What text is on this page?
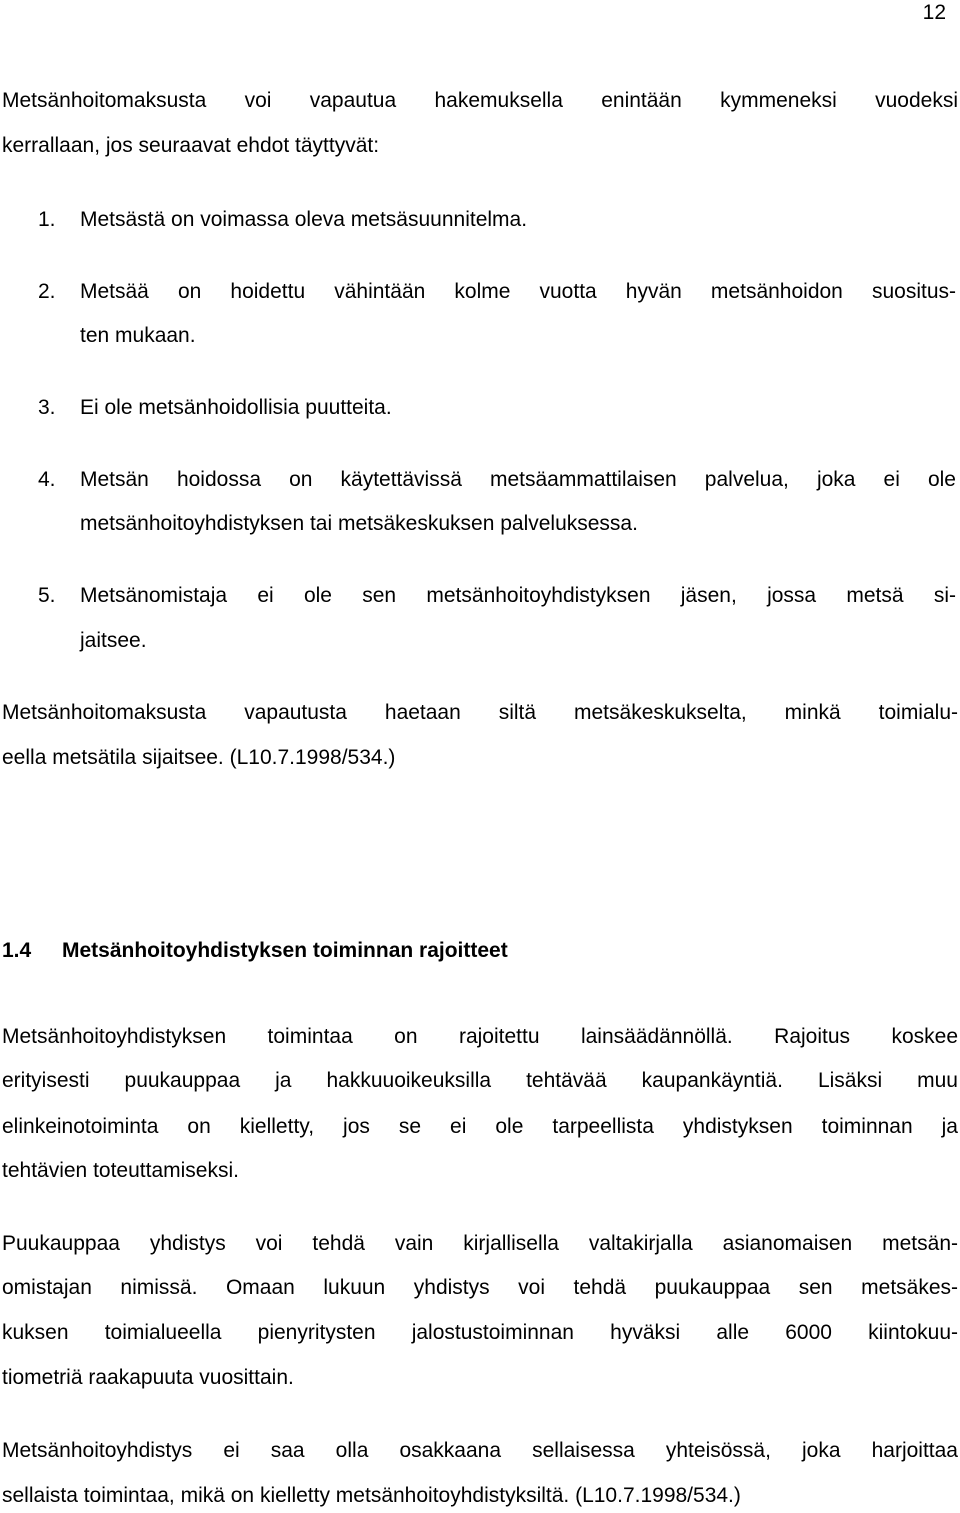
12
Metsänhoitomaksusta voi vapautua hakemuksella enintään kymmeneksi vuodeksi
kerrallaan, jos seuraavat ehdot täyttyvät:
1. Metsästä on voimassa oleva metsäsuunnitelma.
2. Metsää on hoidettu vähintään kolme vuotta hyvän metsänhoidon suositus-
ten mukaan.
3. Ei ole metsänhoidollisia puutteita.
4. Metsän hoidossa on käytettävissä metsäammattilaisen palvelua, joka ei ole
metsänhoitoyhdistyksen tai metsäkeskuksen palveluksessa.
5. Metsänomistaja ei ole sen metsänhoitoyhdistyksen jäsen, jossa metsä si-
jaitsee.
Metsänhoitomaksusta vapautusta haetaan siltä metsäkeskukselta, minkä toimialu-
eella metsätila sijaitsee. (L10.7.1998/534.)
1.4 Metsänhoitoyhdistyksen toiminnan rajoitteet
Metsänhoitoyhdistyksen toimintaa on rajoitettu lainsäädännöllä. Rajoitus koskee
erityisesti puukauppaa ja hakkuuoikeuksilla tehtävää kaupankäyntiä. Lisäksi muu
elinkeinotoiminta on kielletty, jos se ei ole tarpeellista yhdistyksen toiminnan ja
tehtävien toteuttamiseksi.
Puukauppaa yhdistys voi tehdä vain kirjallisella valtakirjalla asianomaisen metsän-
omistajan nimissä. Omaan lukuun yhdistys voi tehdä puukauppaa sen metsäkes-
kuksen toimialueella pienyritysten jalostustoiminnan hyväksi alle 6000 kiintokuu-
tiometriä raakapuuta vuosittain.
Metsänhoitoyhdistys ei saa olla osakkaana sellaisessa yhteisössä, joka harjoittaa
sellaista toimintaa, mikä on kielletty metsänhoitoyhdistyksiltä. (L10.7.1998/534.)
